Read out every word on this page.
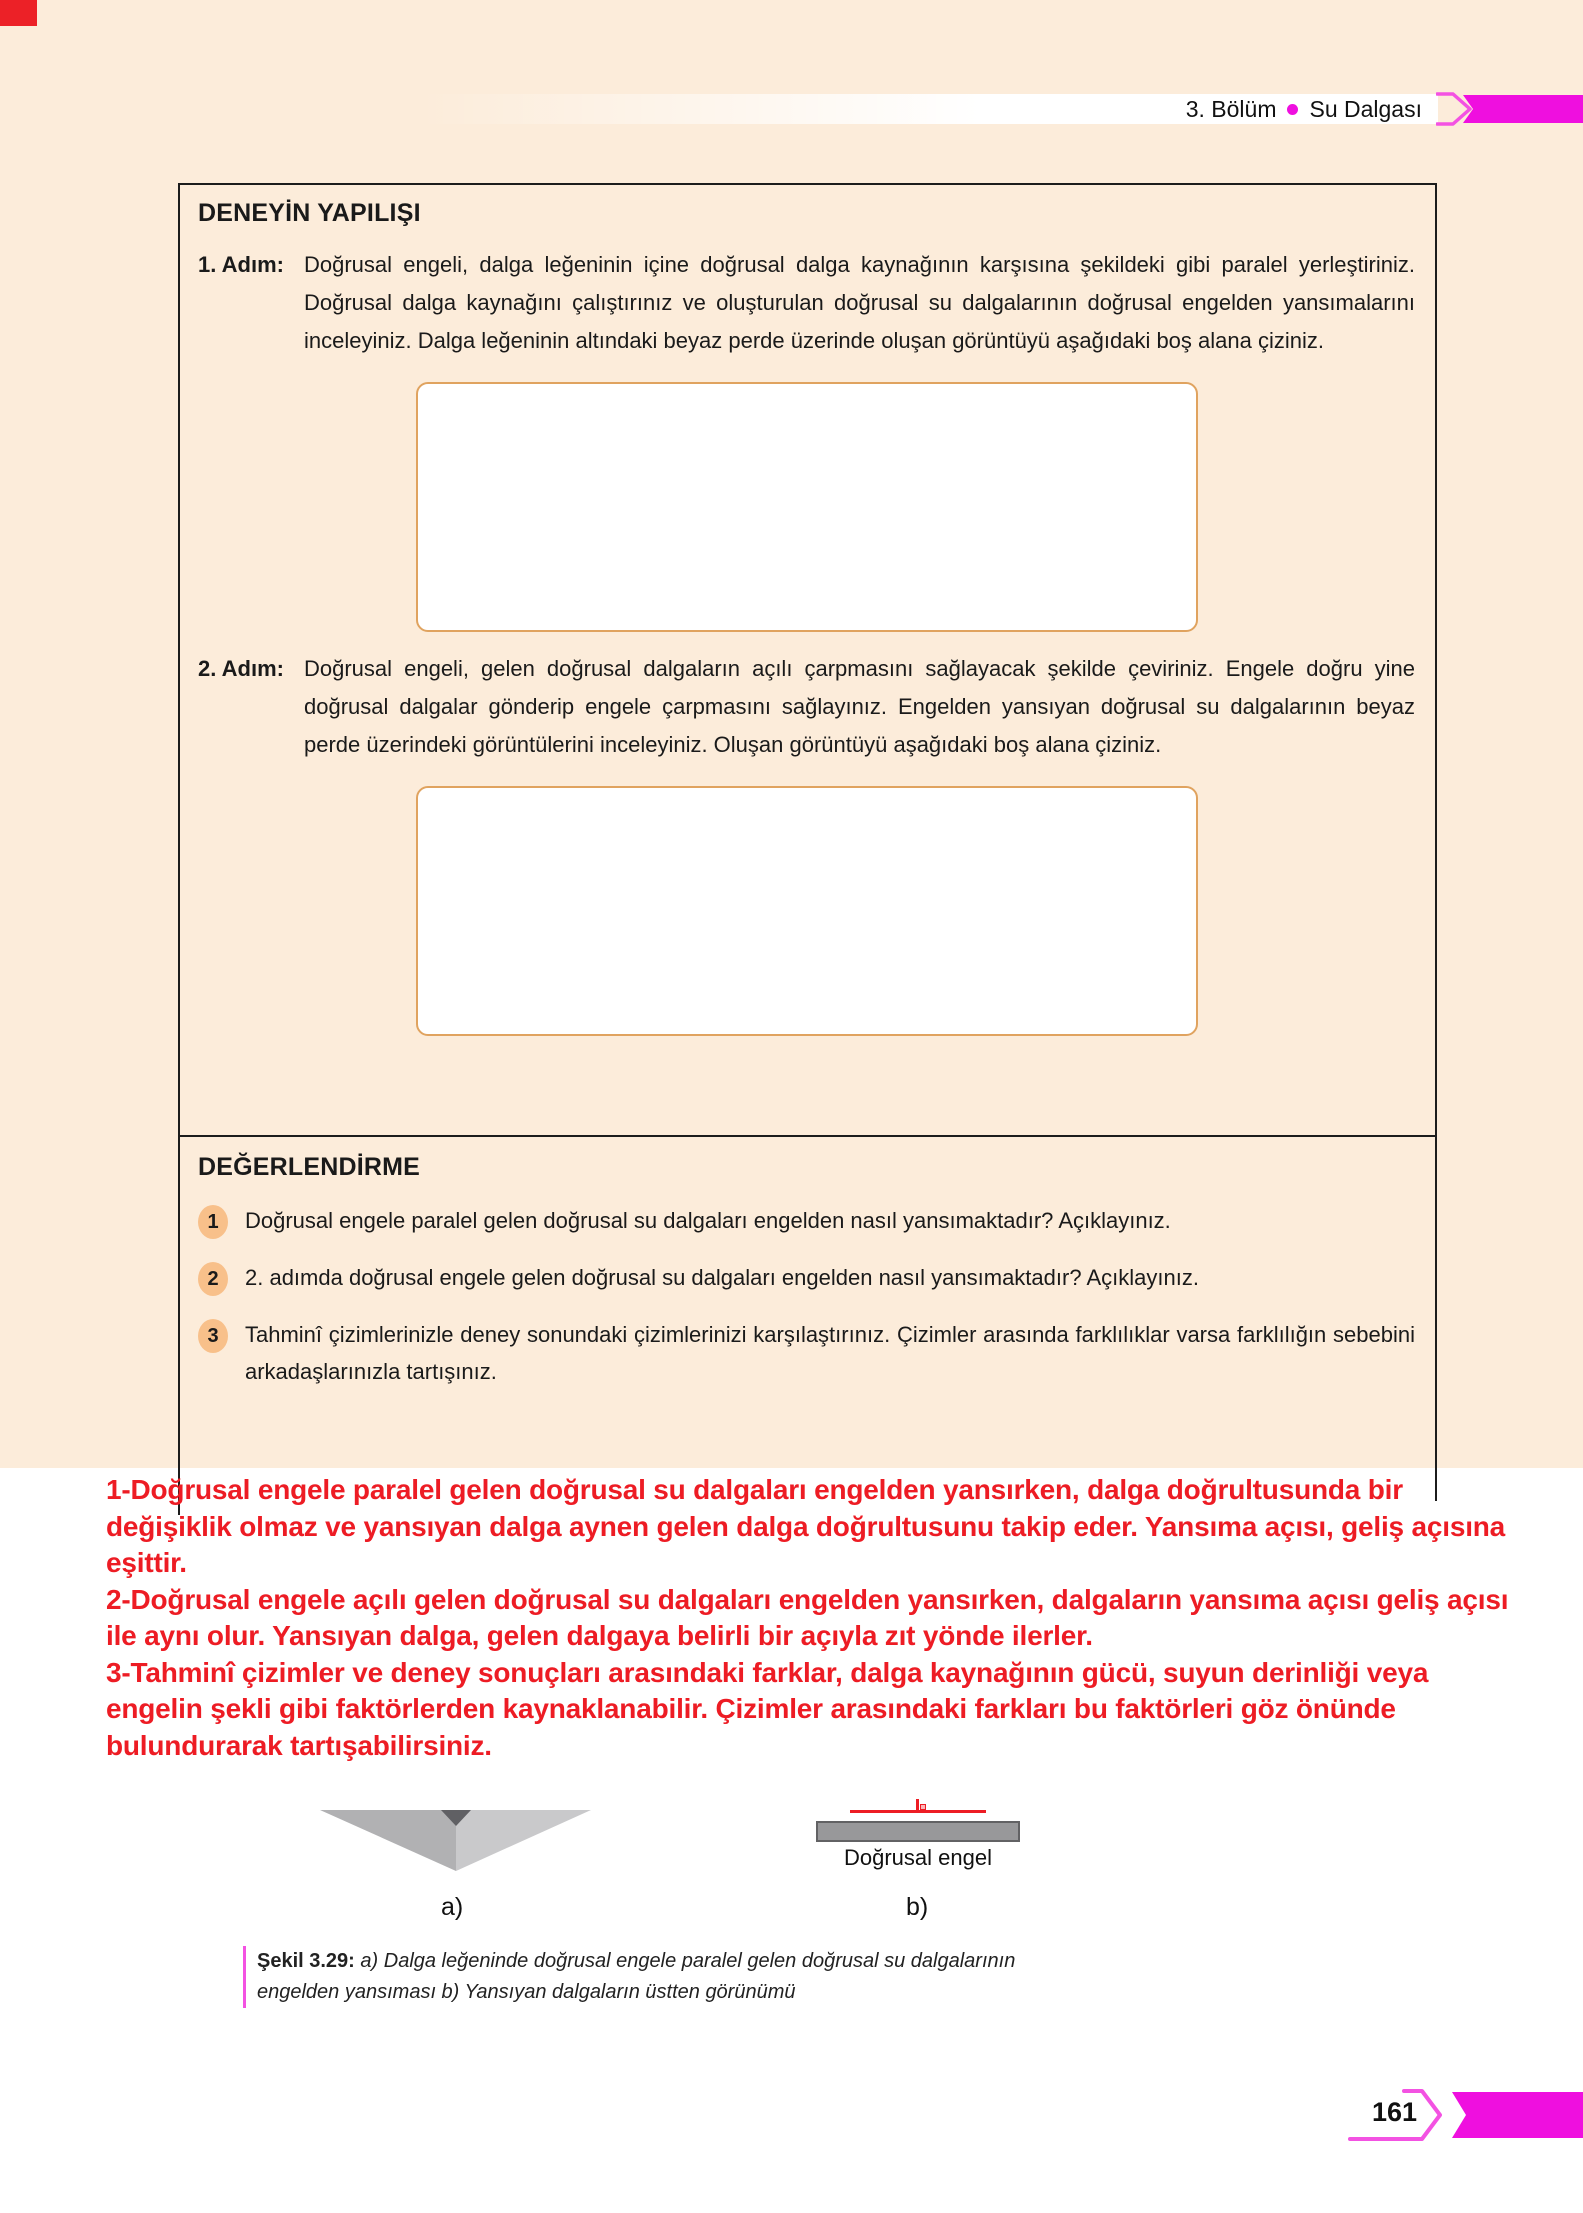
3. Bölüm Su Dalgası
DENEYİN YAPILIŞI
1. Adım: Doğrusal engeli, dalga leğeninin içine doğrusal dalga kaynağının karşısına şekildeki gibi paralel yerleştiriniz. Doğrusal dalga kaynağını çalıştırınız ve oluşturulan doğrusal su dalgalarının doğrusal engelden yansımalarını inceleyiniz. Dalga leğeninin altındaki beyaz perde üzerinde oluşan görüntüyü aşağıdaki boş alana çiziniz.
2. Adım: Doğrusal engeli, gelen doğrusal dalgaların açılı çarpmasını sağlayacak şekilde çeviriniz. Engele doğru yine doğrusal dalgalar gönderip engele çarpmasını sağlayınız. Engelden yansıyan doğrusal su dalgalarının beyaz perde üzerindeki görüntülerini inceleyiniz. Oluşan görüntüyü aşağıdaki boş alana çiziniz.
DEĞERLENDİRME
1	Doğrusal engele paralel gelen doğrusal su dalgaları engelden nasıl yansımaktadır? Açıklayınız.
2	2. adımda doğrusal engele gelen doğrusal su dalgaları engelden nasıl yansımaktadır? Açıklayınız.
3	Tahminî çizimlerinizle deney sonundaki çizimlerinizi karşılaştırınız. Çizimler arasında farklılıklar varsa farklılığın sebebini arkadaşlarınızla tartışınız.

1-Doğrusal engele paralel gelen doğrusal su dalgaları engelden yansırken, dalga doğrultusunda bir değişiklik olmaz ve yansıyan dalga aynen gelen dalga doğrultusunu takip eder. Yansıma açısı, geliş açısına eşittir.

2-Doğrusal engele açılı gelen doğrusal su dalgaları engelden yansırken, dalgaların yansıma açısı geliş açısı ile aynı olur. Yansıyan dalga, gelen dalgaya belirli bir açıyla zıt yönde ilerler.

3-Tahminî çizimler ve deney sonuçları arasındaki farklar, dalga kaynağının gücü, suyun derinliği veya engelin şekli gibi faktörlerden kaynaklanabilir. Çizimler arasındaki farkları bu faktörleri göz önünde bulundurarak tartışabilirsiniz.

a)
Doğrusal engel
b)
Şekil 3.29: a) Dalga leğeninde doğrusal engele paralel gelen doğrusal su dalgalarının engelden yansıması b) Yansıyan dalgaların üstten görünümü
161
